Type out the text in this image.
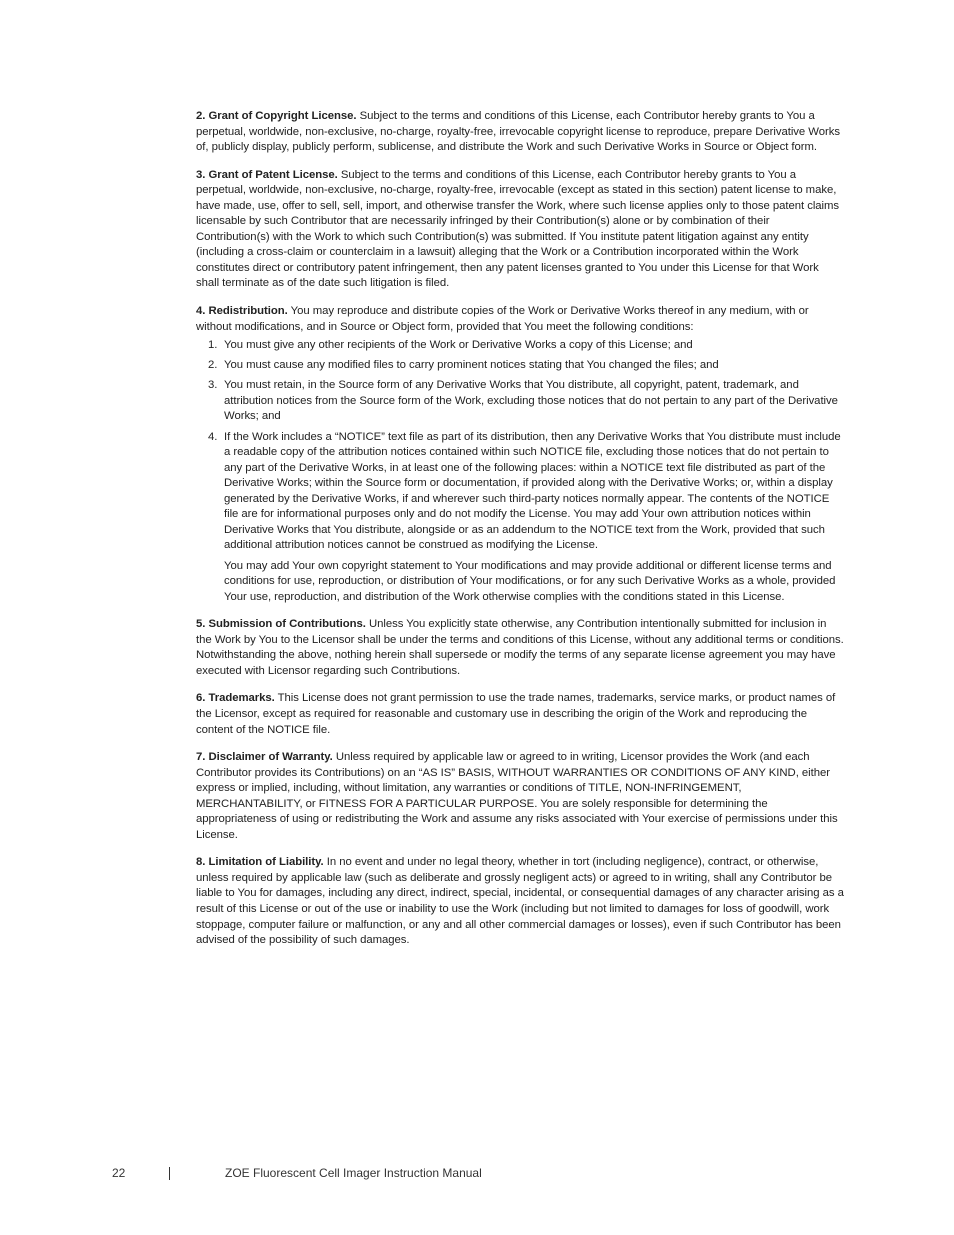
2. Grant of Copyright License. Subject to the terms and conditions of this License, each Contributor hereby grants to You a perpetual, worldwide, non-exclusive, no-charge, royalty-free, irrevocable copyright license to reproduce, prepare Derivative Works of, publicly display, publicly perform, sublicense, and distribute the Work and such Derivative Works in Source or Object form.

3. Grant of Patent License. Subject to the terms and conditions of this License, each Contributor hereby grants to You a perpetual, worldwide, non-exclusive, no-charge, royalty-free, irrevocable (except as stated in this section) patent license to make, have made, use, offer to sell, sell, import, and otherwise transfer the Work, where such license applies only to those patent claims licensable by such Contributor that are necessarily infringed by their Contribution(s) alone or by combination of their Contribution(s) with the Work to which such Contribution(s) was submitted. If You institute patent litigation against any entity (including a cross-claim or counterclaim in a lawsuit) alleging that the Work or a Contribution incorporated within the Work constitutes direct or contributory patent infringement, then any patent licenses granted to You under this License for that Work shall terminate as of the date such litigation is filed.

4. Redistribution. You may reproduce and distribute copies of the Work or Derivative Works thereof in any medium, with or without modifications, and in Source or Object form, provided that You meet the following conditions:
1. You must give any other recipients of the Work or Derivative Works a copy of this License; and
2. You must cause any modified files to carry prominent notices stating that You changed the files; and
3. You must retain, in the Source form of any Derivative Works that You distribute, all copyright, patent, trademark, and attribution notices from the Source form of the Work, excluding those notices that do not pertain to any part of the Derivative Works; and
4. If the Work includes a “NOTICE” text file as part of its distribution, then any Derivative Works that You distribute must include a readable copy of the attribution notices contained within such NOTICE file, excluding those notices that do not pertain to any part of the Derivative Works, in at least one of the following places: within a NOTICE text file distributed as part of the Derivative Works; within the Source form or documentation, if provided along with the Derivative Works; or, within a display generated by the Derivative Works, if and wherever such third-party notices normally appear. The contents of the NOTICE file are for informational purposes only and do not modify the License. You may add Your own attribution notices within Derivative Works that You distribute, alongside or as an addendum to the NOTICE text from the Work, provided that such additional attribution notices cannot be construed as modifying the License.

You may add Your own copyright statement to Your modifications and may provide additional or different license terms and conditions for use, reproduction, or distribution of Your modifications, or for any such Derivative Works as a whole, provided Your use, reproduction, and distribution of the Work otherwise complies with the conditions stated in this License.

5. Submission of Contributions. Unless You explicitly state otherwise, any Contribution intentionally submitted for inclusion in the Work by You to the Licensor shall be under the terms and conditions of this License, without any additional terms or conditions. Notwithstanding the above, nothing herein shall supersede or modify the terms of any separate license agreement you may have executed with Licensor regarding such Contributions.

6. Trademarks. This License does not grant permission to use the trade names, trademarks, service marks, or product names of the Licensor, except as required for reasonable and customary use in describing the origin of the Work and reproducing the content of the NOTICE file.

7. Disclaimer of Warranty. Unless required by applicable law or agreed to in writing, Licensor provides the Work (and each Contributor provides its Contributions) on an “AS IS” BASIS, WITHOUT WARRANTIES OR CONDITIONS OF ANY KIND, either express or implied, including, without limitation, any warranties or conditions of TITLE, NON-INFRINGEMENT, MERCHANTABILITY, or FITNESS FOR A PARTICULAR PURPOSE. You are solely responsible for determining the appropriateness of using or redistributing the Work and assume any risks associated with Your exercise of permissions under this License.

8. Limitation of Liability. In no event and under no legal theory, whether in tort (including negligence), contract, or otherwise, unless required by applicable law (such as deliberate and grossly negligent acts) or agreed to in writing, shall any Contributor be liable to You for damages, including any direct, indirect, special, incidental, or consequential damages of any character arising as a result of this License or out of the use or inability to use the Work (including but not limited to damages for loss of goodwill, work stoppage, computer failure or malfunction, or any and all other commercial damages or losses), even if such Contributor has been advised of the possibility of such damages.

22	ZOE Fluorescent Cell Imager Instruction Manual
